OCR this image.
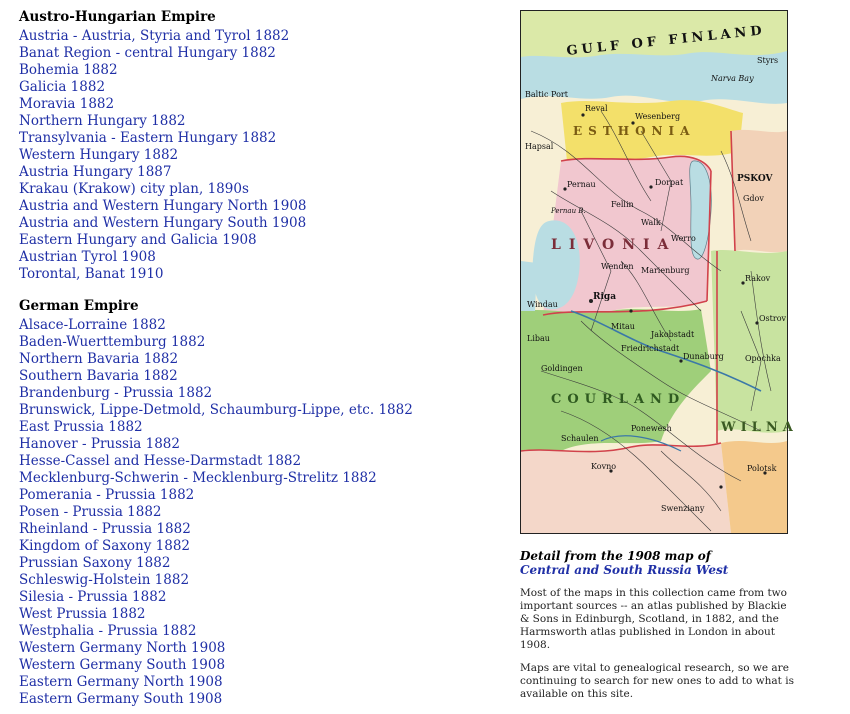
Austro-Hungarian Empire
Austria - Austria, Styria and Tyrol 1882
Banat Region - central Hungary 1882
Bohemia 1882
Galicia 1882
Moravia 1882
Northern Hungary 1882
Transylvania - Eastern Hungary 1882
Western Hungary 1882
Austria Hungary 1887
Krakau (Krakow) city plan, 1890s
Austria and Western Hungary North 1908
Austria and Western Hungary South 1908
Eastern Hungary and Galicia 1908
Austrian Tyrol 1908
Torontal, Banat 1910
German Empire
Alsace-Lorraine 1882
Baden-Wuerttemburg 1882
Northern Bavaria 1882
Southern Bavaria 1882
Brandenburg - Prussia 1882
Brunswick, Lippe-Detmold, Schaumburg-Lippe, etc. 1882
East Prussia 1882
Hanover - Prussia 1882
Hesse-Cassel and Hesse-Darmstadt 1882
Mecklenburg-Schwerin - Mecklenburg-Strelitz 1882
Pomerania - Prussia 1882
Posen - Prussia 1882
Rheinland - Prussia 1882
Kingdom of Saxony 1882
Prussian Saxony 1882
Schleswig-Holstein 1882
Silesia - Prussia 1882
West Prussia 1882
Westphalia - Prussia 1882
Western Germany North 1908
Western Germany South 1908
Eastern Germany North 1908
Eastern Germany South 1908
GULF OF FINLAND
ESTHONIA
LIVONIA
COURLAND
PSKOV
Narva Bay
Styrs
Reval
Wesenberg
Dorpat
Pernau
Riga
Mitau
Libau
Dunaburg
Rakov
Ostrov
Opochka
Polotsk
Kovno
Wenden
Walk
Werro
Marienburg
Friedrichstadt
Jakobstadt
Goldingen
Windau
Schaulen
Ponewesh
Swenziany
Gdov
Baltic Port
Hapsal
Fellin
Pernau B.
WILNA
Detail from the 1908 map of
Central and South Russia West

Most of the maps in this collection came from two important sources -- an atlas published by Blackie & Sons in Edinburgh, Scotland, in 1882, and the Harmsworth atlas published in London in about 1908.

Maps are vital to genealogical research, so we are continuing to search for new ones to add to what is available on this site.
